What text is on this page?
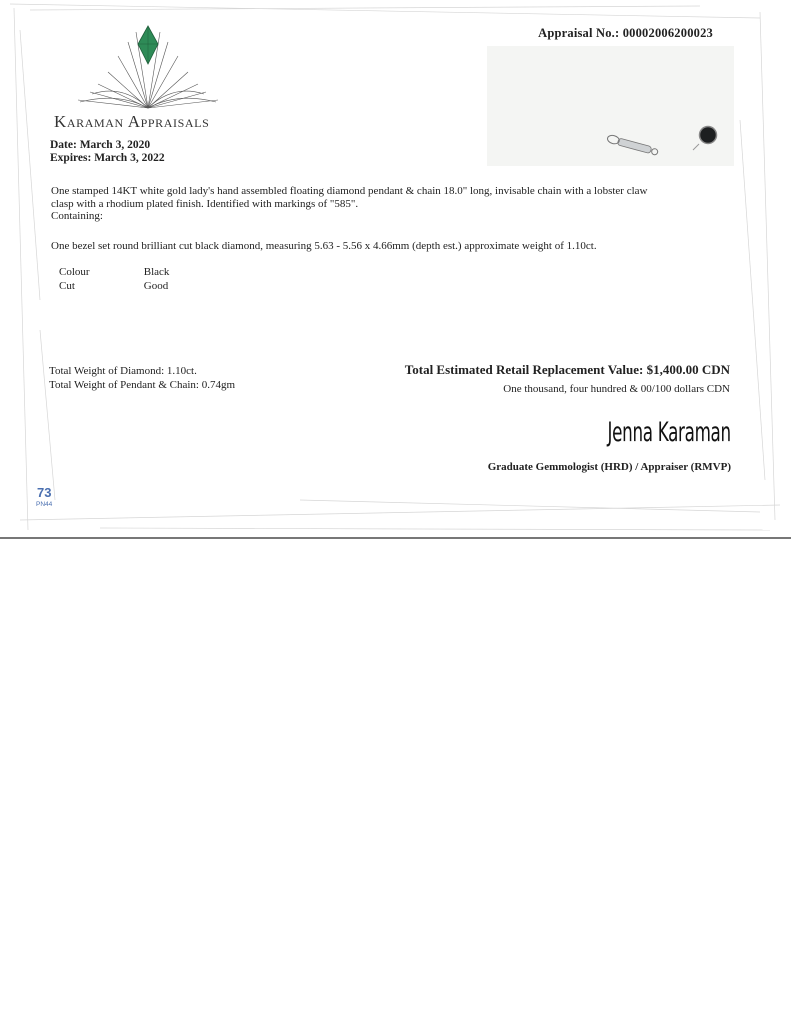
Appraisal No.: 00002006200023
Karaman Appraisals
Date: March 3, 2020
Expires: March 3, 2022
One stamped 14KT white gold lady's hand assembled floating diamond pendant & chain 18.0" long, invisable chain with a lobster claw
clasp with a rhodium plated finish. Identified with markings of "585".
Containing:
One bezel set round brilliant cut black diamond, measuring 5.63 - 5.56 x 4.66mm (depth est.) approximate weight of 1.10ct.
Colour	Black
Cut	Good
Total Weight of Diamond: 1.10ct.
Total Weight of Pendant & Chain: 0.74gm
Total Estimated Retail Replacement Value: $1,400.00 CDN
One thousand, four hundred & 00/100 dollars CDN
Jenna Karaman
Graduate Gemmologist (HRD) / Appraiser (RMVP)
73
PN44
